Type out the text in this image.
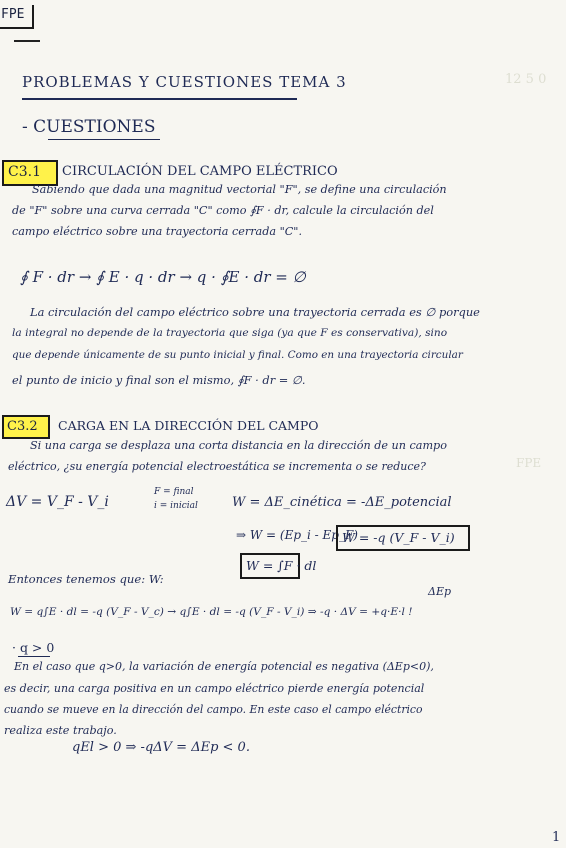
FPE
PROBLEMAS Y CUESTIONES TEMA 3	12 5 0
- CUESTIONES
C3.1 CIRCULACIÓN DEL CAMPO ELÉCTRICO
Sabiendo que dada una magnitud vectorial "F", se define una circulación
de "F" sobre una curva cerrada "C" como ∮F · dr, calcule la circulación del
campo eléctrico sobre una trayectoria cerrada "C".
∮ F · dr → ∮ E · q · dr → q · ∮E · dr = ∅
La circulación del campo eléctrico sobre una trayectoria cerrada es ∅ porque
la integral no depende de la trayectoria que siga (ya que F es conservativa), sino
que depende únicamente de su punto inicial y final. Como en una trayectoria circular
el punto de inicio y final son el mismo, ∮F · dr = ∅.
C3.2 CARGA EN LA DIRECCIÓN DEL CAMPO
Si una carga se desplaza una corta distancia en la dirección de un campo
eléctrico, ¿su energía potencial electroestática se incrementa o se reduce?	FPE
ΔV = V_F - V_i
F = final
i = inicial	W = ΔE_cinética = -ΔE_potencial
⇒ W = (Ep_i - Ep_F)
W = -q (V_F - V_i)
W = ∫F · dl
Entonces tenemos que: W:
ΔEp
W = q∫E · dl = -q (V_F - V_c) → q∫E · dl = -q (V_F - V_i) ⇒ -q · ΔV = +q·E·l !
· q > 0
En el caso que q>0, la variación de energía potencial es negativa (ΔEp<0),
es decir, una carga positiva en un campo eléctrico pierde energía potencial
cuando se mueve en la dirección del campo. En este caso el campo eléctrico
realiza este trabajo.
qEl > 0 ⇒ -qΔV = ΔEp < 0.
1
